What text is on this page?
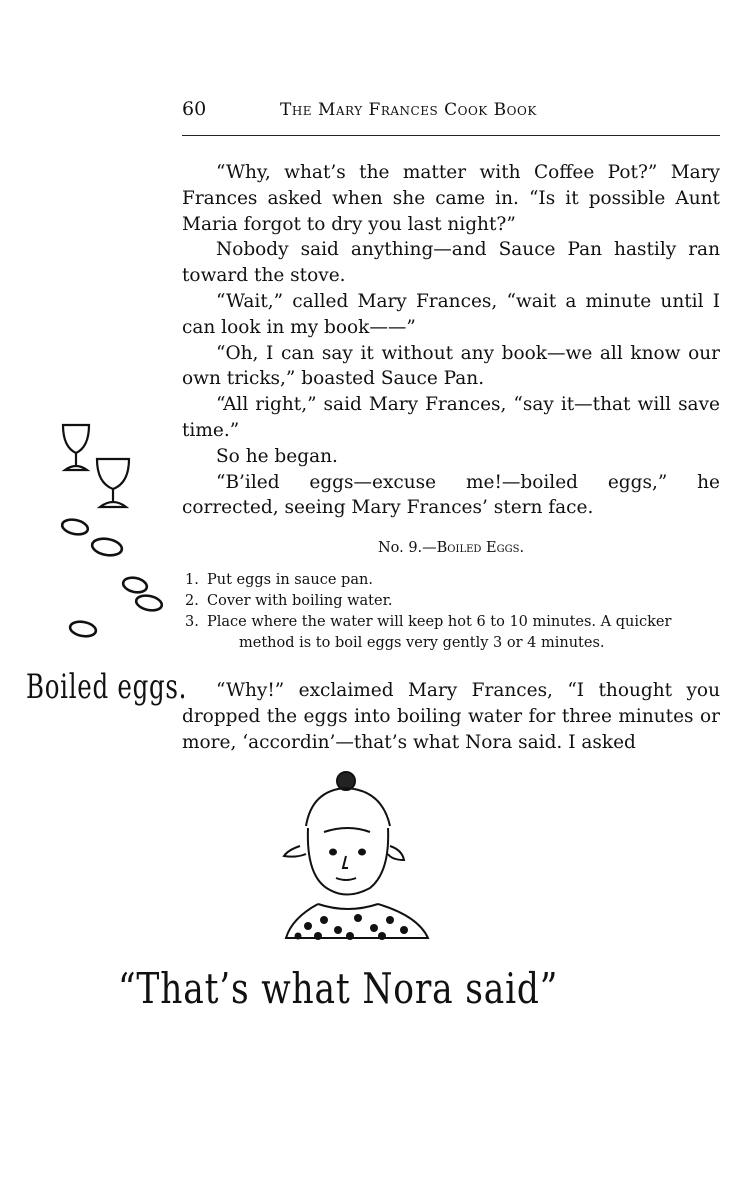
60	The Mary Frances Cook Book

“Why, what’s the matter with Coffee Pot?” Mary Frances asked when she came in. “Is it possible Aunt Maria forgot to dry you last night?”

Nobody said anything—and Sauce Pan hastily ran toward the stove.

“Wait,” called Mary Frances, “wait a minute until I can look in my book——”

“Oh, I can say it without any book—we all know our own tricks,” boasted Sauce Pan.

“All right,” said Mary Frances, “say it—that will save time.”

So he began.

“B’iled eggs—excuse me!—boiled eggs,” he corrected, seeing Mary Frances’ stern face.

No. 9.—Boiled Eggs.
1. Put eggs in sauce pan.
2. Cover with boiling water.
3. Place where the water will keep hot 6 to 10 minutes. A quicker
method is to boil eggs very gently 3 or 4 minutes.

“Why!” exclaimed Mary Frances, “I thought you dropped the eggs into boiling water for three minutes or more, ‘accordin’—that’s what Nora said. I asked

Boiled eggs.
“That’s what Nora said”
